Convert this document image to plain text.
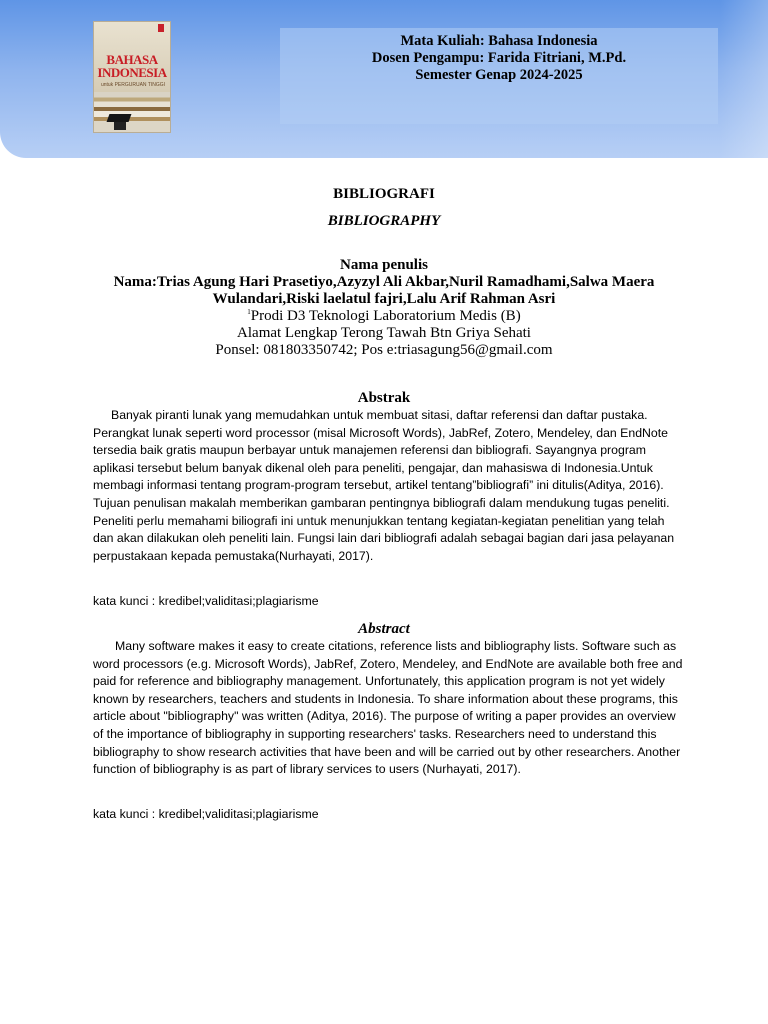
BAHASA
INDONESIA
untuk PERGURUAN TINGGI
Mata Kuliah: Bahasa Indonesia
Dosen Pengampu: Farida Fitriani, M.Pd.
Semester Genap 2024-2025
BIBLIOGRAFI
BIBLIOGRAPHY
Nama penulis
Nama:Trias Agung Hari Prasetiyo,Azyzyl Ali Akbar,Nuril Ramadhami,Salwa Maera
Wulandari,Riski laelatul fajri,Lalu Arif Rahman Asri
$^1$Prodi D3 Teknologi Laboratorium Medis (B)
Alamat Lengkap Terong Tawah Btn Griya Sehati
Ponsel: 081803350742; Pos e:triasagung56@gmail.com
Abstrak
Banyak piranti lunak yang memudahkan untuk membuat sitasi, daftar referensi dan daftar pustaka. Perangkat lunak seperti word processor (misal Microsoft Words), JabRef, Zotero, Mendeley, dan EndNote tersedia baik gratis maupun berbayar untuk manajemen referensi dan bibliografi. Sayangnya program aplikasi tersebut belum banyak dikenal oleh para peneliti, pengajar, dan mahasiswa di Indonesia.Untuk membagi informasi tentang program-program tersebut, artikel tentang”bibliografi” ini ditulis(Aditya, 2016). Tujuan penulisan makalah memberikan gambaran pentingnya bibliografi dalam mendukung tugas peneliti. Peneliti perlu memahami biliografi ini untuk menunjukkan tentang kegiatan-kegiatan penelitian yang telah dan akan dilakukan oleh peneliti lain. Fungsi lain dari bibliografi adalah sebagai bagian dari jasa pelayanan perpustakaan kepada pemustaka(Nurhayati, 2017).
kata kunci : kredibel;validitasi;plagiarisme
Abstract
Many software makes it easy to create citations, reference lists and bibliography lists. Software such as word processors (e.g. Microsoft Words), JabRef, Zotero, Mendeley, and EndNote are available both free and paid for reference and bibliography management. Unfortunately, this application program is not yet widely known by researchers, teachers and students in Indonesia. To share information about these programs, this article about "bibliography" was written (Aditya, 2016). The purpose of writing a paper provides an overview of the importance of bibliography in supporting researchers' tasks. Researchers need to understand this bibliography to show research activities that have been and will be carried out by other researchers. Another function of bibliography is as part of library services to users (Nurhayati, 2017).
kata kunci : kredibel;validitasi;plagiarisme
